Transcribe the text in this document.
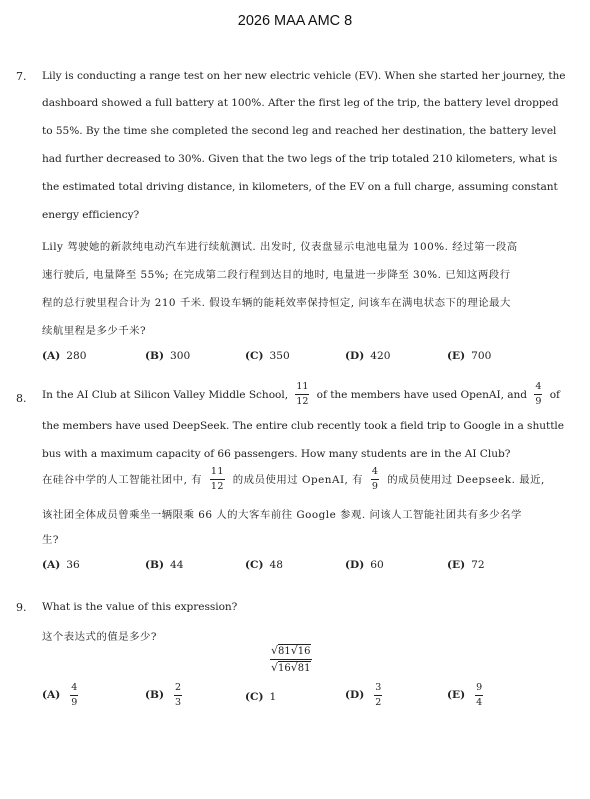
2026 MAA AMC 8
7. Lily is conducting a range test on her new electric vehicle (EV). When she started her journey, the
dashboard showed a full battery at 100%. After the first leg of the trip, the battery level dropped
to 55%. By the time she completed the second leg and reached her destination, the battery level
had further decreased to 30%. Given that the two legs of the trip totaled 210 kilometers, what is
the estimated total driving distance, in kilometers, of the EV on a full charge, assuming constant
energy efficiency?
Lily 驾驶她的新款纯电动汽车进行续航测试. 出发时, 仪表盘显示电池电量为 100%. 经过第一段高
速行驶后, 电量降至 55%; 在完成第二段行程到达目的地时, 电量进一步降至 30%. 已知这两段行
程的总行驶里程合计为 210 千米. 假设车辆的能耗效率保持恒定, 问该车在满电状态下的理论最大
续航里程是多少千米?
(A) 280	(B) 300	(C) 350	(D) 420	(E) 700
8. In the AI Club at Silicon Valley Middle School, $\frac{11}{12}$ of the members have used OpenAI, and $\frac{4}{9}$ of
the members have used DeepSeek. The entire club recently took a field trip to Google in a shuttle
bus with a maximum capacity of 66 passengers. How many students are in the AI Club?
在硅谷中学的人工智能社团中, 有 $\frac{11}{12}$ 的成员使用过 OpenAI, 有 $\frac{4}{9}$ 的成员使用过 Deepseek. 最近,
该社团全体成员曾乘坐一辆限乘 66 人的大客车前往 Google 参观. 问该人工智能社团共有多少名学
生?
(A) 36	(B) 44	(C) 48	(D) 60	(E) 72
9. What is the value of this expression?
这个表达式的值是多少?
$\frac{√81√16}{√16√81}$
$(A) \frac{4}{9}$	$(B) \frac{2}{3}$	(C) 1	$(D) \frac{3}{2}$	$(E) \frac{9}{4}$
